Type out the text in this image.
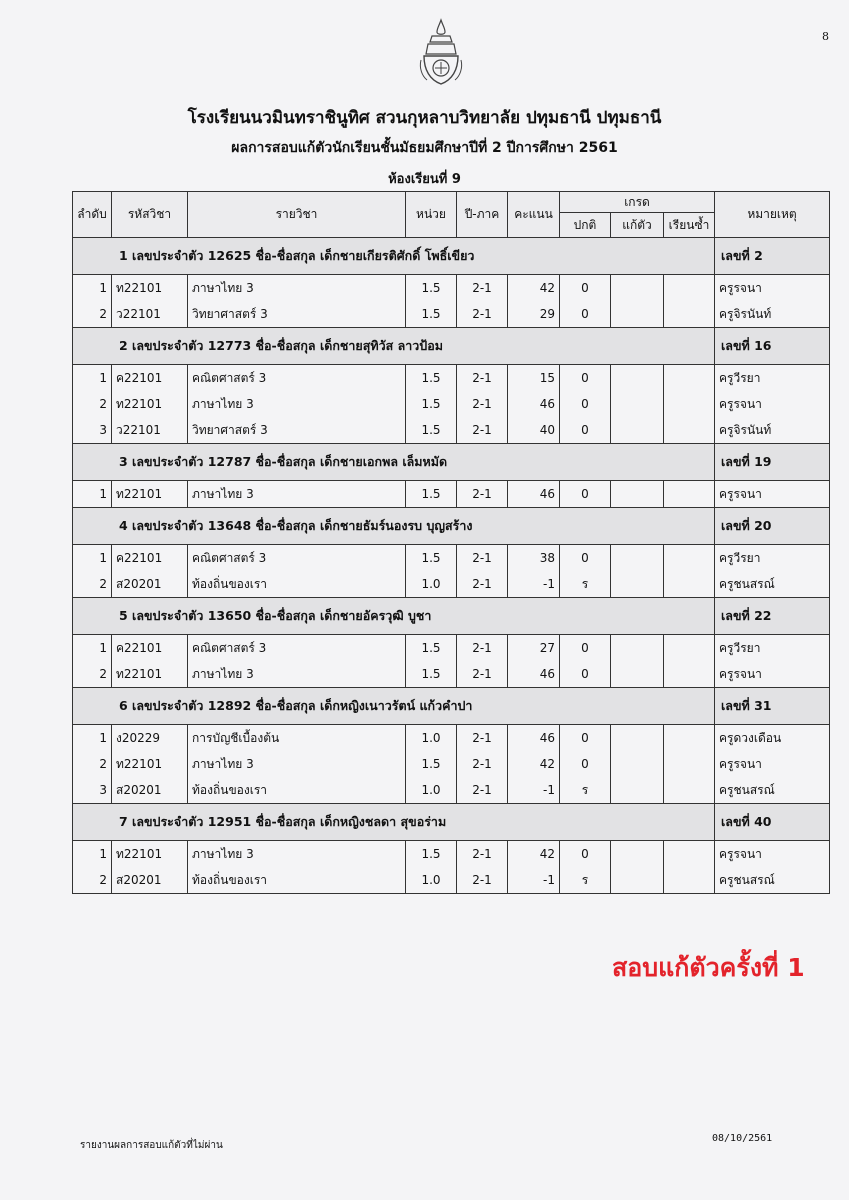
8
โรงเรียนนวมินทราชินูทิศ สวนกุหลาบวิทยาลัย ปทุมธานี ปทุมธานี
ผลการสอบแก้ตัวนักเรียนชั้นมัธยมศึกษาปีที่ 2 ปีการศึกษา 2561
ห้องเรียนที่ 9
ลำดับ	รหัสวิชา	รายวิชา	หน่วย	ปี-ภาค	คะแนน	เกรด			หมายเหตุ
						ปกติ	แก้ตัว	เรียนซ้ำ	
1 เลขประจำตัว 12625 ชื่อ-ชื่อสกุล เด็กชายเกียรติศักดิ์ โพธิ์เขียว									เลขที่ 2
1	ท22101	ภาษาไทย 3	1.5	2-1	42	0			ครูรจนา
2	ว22101	วิทยาศาสตร์ 3	1.5	2-1	29	0			ครูจิรนันท์
2 เลขประจำตัว 12773 ชื่อ-ชื่อสกุล เด็กชายสุทิวัส ลาวป้อม									เลขที่ 16
1	ค22101	คณิตศาสตร์ 3	1.5	2-1	15	0			ครูวีรยา
2	ท22101	ภาษาไทย 3	1.5	2-1	46	0			ครูรจนา
3	ว22101	วิทยาศาสตร์ 3	1.5	2-1	40	0			ครูจิรนันท์
3 เลขประจำตัว 12787 ชื่อ-ชื่อสกุล เด็กชายเอกพล เล็มหมัด									เลขที่ 19
1	ท22101	ภาษาไทย 3	1.5	2-1	46	0			ครูรจนา
4 เลขประจำตัว 13648 ชื่อ-ชื่อสกุล เด็กชายธัมร์นองรบ บุญสร้าง									เลขที่ 20
1	ค22101	คณิตศาสตร์ 3	1.5	2-1	38	0			ครูวีรยา
2	ส20201	ท้องถิ่นของเรา	1.0	2-1	-1	ร			ครูชนสรณ์
5 เลขประจำตัว 13650 ชื่อ-ชื่อสกุล เด็กชายอัครวุฒิ บูชา									เลขที่ 22
1	ค22101	คณิตศาสตร์ 3	1.5	2-1	27	0			ครูวีรยา
2	ท22101	ภาษาไทย 3	1.5	2-1	46	0			ครูรจนา
6 เลขประจำตัว 12892 ชื่อ-ชื่อสกุล เด็กหญิงเนาวรัตน์ แก้วคำปา									เลขที่ 31
1	ง20229	การบัญชีเบื้องต้น	1.0	2-1	46	0			ครูดวงเดือน
2	ท22101	ภาษาไทย 3	1.5	2-1	42	0			ครูรจนา
3	ส20201	ท้องถิ่นของเรา	1.0	2-1	-1	ร			ครูชนสรณ์
7 เลขประจำตัว 12951 ชื่อ-ชื่อสกุล เด็กหญิงชลดา สุขอร่าม									เลขที่ 40
1	ท22101	ภาษาไทย 3	1.5	2-1	42	0			ครูรจนา
2	ส20201	ท้องถิ่นของเรา	1.0	2-1	-1	ร			ครูชนสรณ์
สอบแก้ตัวครั้งที่ 1
รายงานผลการสอบแก้ตัวที่ไม่ผ่าน
08/10/2561
